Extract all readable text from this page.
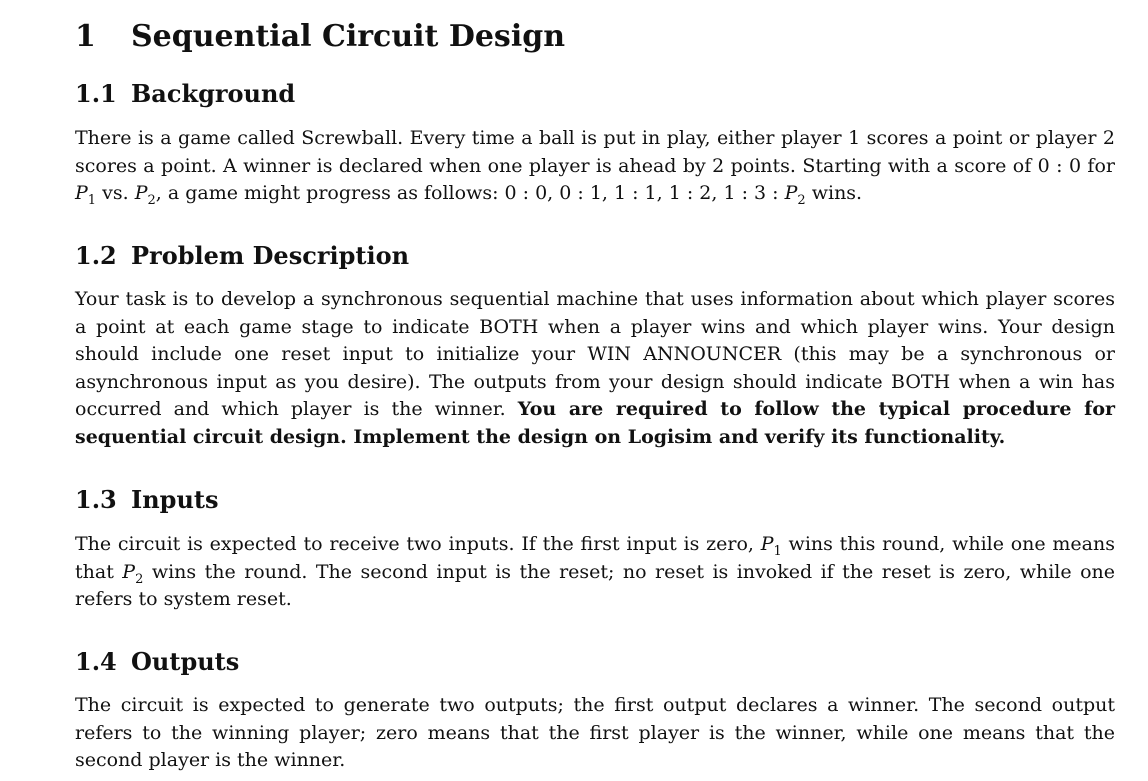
1 Sequential Circuit Design
1.1 Background

There is a game called Screwball. Every time a ball is put in play, either player 1 scores a point or player 2 scores a point. A winner is declared when one player is ahead by 2 points. Starting with a score of 0 : 0 for $P_1$ vs. $P_2$, a game might progress as follows: 0 : 0, 0 : 1, 1 : 1, 1 : 2, 1 : 3 : $P_2$ wins.

1.2 Problem Description

Your task is to develop a synchronous sequential machine that uses information about which player scores a point at each game stage to indicate BOTH when a player wins and which player wins. Your design should include one reset input to initialize your WIN ANNOUNCER (this may be a synchronous or asynchronous input as you desire). The outputs from your design should indicate BOTH when a win has occurred and which player is the winner. You are required to follow the typical procedure for sequential circuit design. Implement the design on Logisim and verify its functionality.

1.3 Inputs

The circuit is expected to receive two inputs. If the first input is zero, $P_1$ wins this round, while one means that $P_2$ wins the round. The second input is the reset; no reset is invoked if the reset is zero, while one refers to system reset.

1.4 Outputs

The circuit is expected to generate two outputs; the first output declares a winner. The second output refers to the winning player; zero means that the first player is the winner, while one means that the second player is the winner.
